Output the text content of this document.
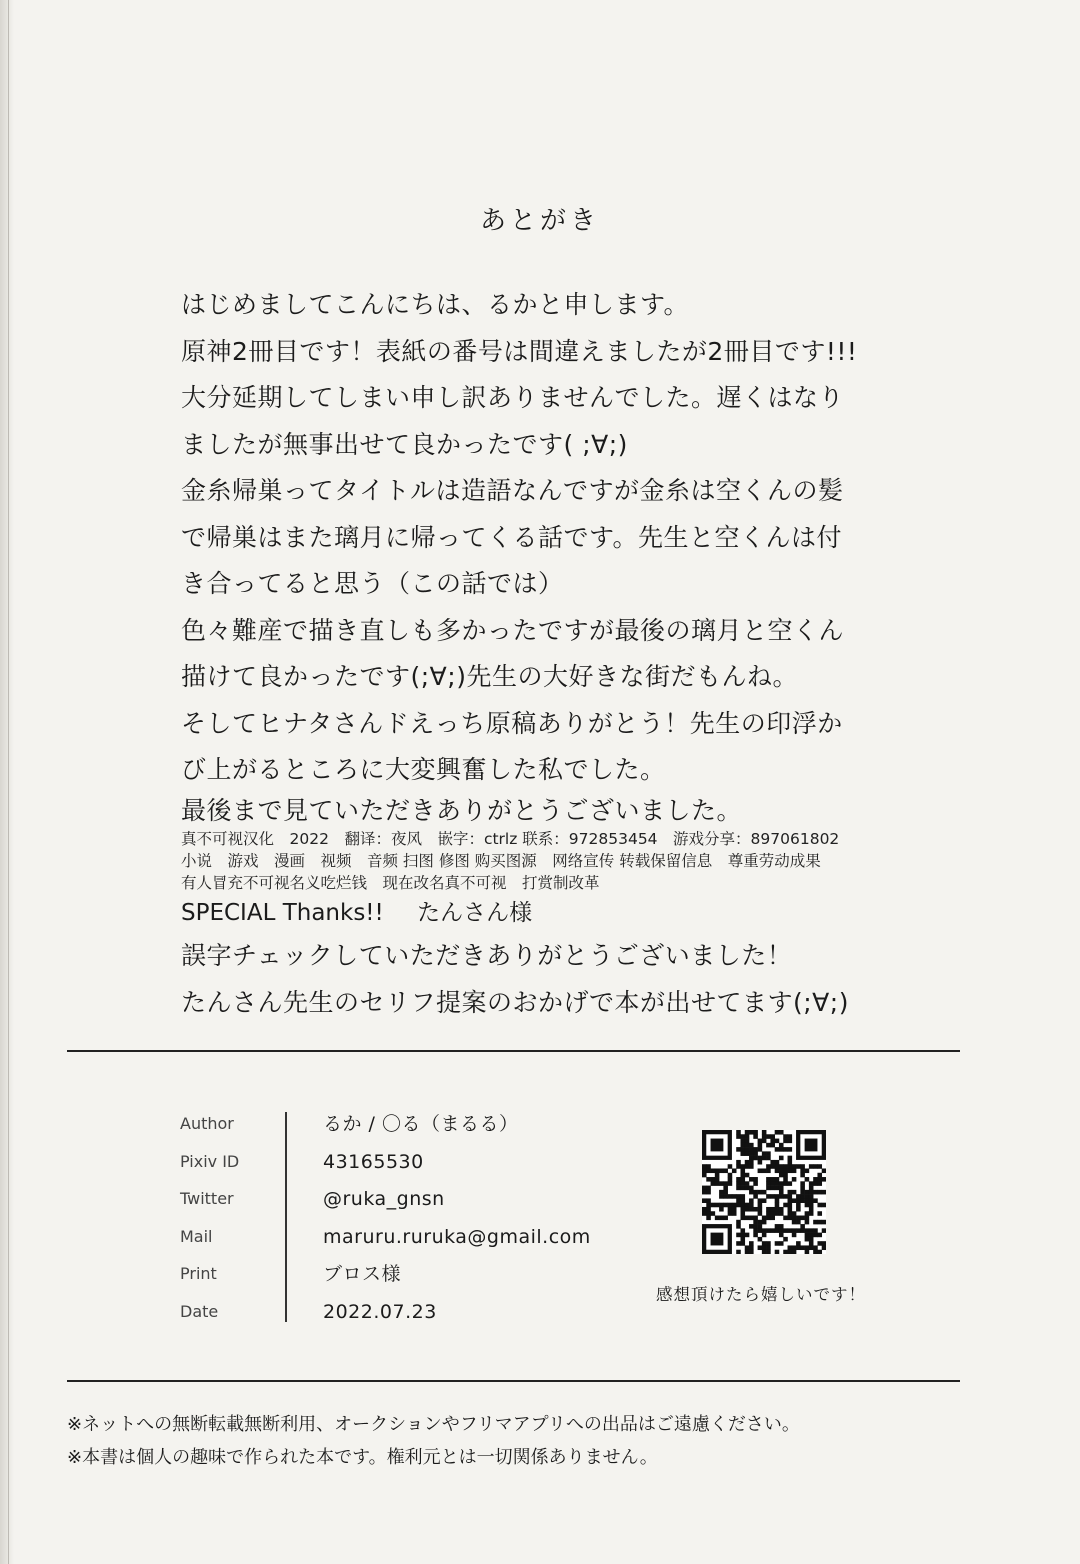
あとがき
はじめましてこんにちは、るかと申します。
原神2冊目です！表紙の番号は間違えましたが2冊目です!!!
大分延期してしまい申し訳ありませんでした。遅くはなり
ましたが無事出せて良かったです( ;∀;)
金糸帰巣ってタイトルは造語なんですが金糸は空くんの髪
で帰巣はまた璃月に帰ってくる話です。先生と空くんは付
き合ってると思う（この話では）
色々難産で描き直しも多かったですが最後の璃月と空くん
描けて良かったです(;∀;)先生の大好きな街だもんね。
そしてヒナタさんドえっち原稿ありがとう！先生の印浮か
び上がるところに大変興奮した私でした。
最後まで見ていただきありがとうございました。
真不可视汉化　2022　翻译：夜风　嵌字：ctrlz 联系：972853454　游戏分享：897061802
小说　游戏　漫画　视频　音频 扫图 修图 购买图源　网络宣传 转载保留信息　尊重劳动成果
有人冒充不可视名义吃烂钱　现在改名真不可视　打赏制改革
SPECIAL Thanks!! たんさん様
誤字チェックしていただきありがとうございました！
たんさん先生のセリフ提案のおかげで本が出せてます(;∀;)
Author	るか / 〇る（まるる）
Pixiv ID	43165530
Twitter	@ruka_gnsn
Mail	maruru.ruruka@gmail.com
Print	ブロス様
Date	2022.07.23
感想頂けたら嬉しいです！
※ネットへの無断転載無断利用、オークションやフリマアプリへの出品はご遠慮ください。
※本書は個人の趣味で作られた本です。権利元とは一切関係ありません。
